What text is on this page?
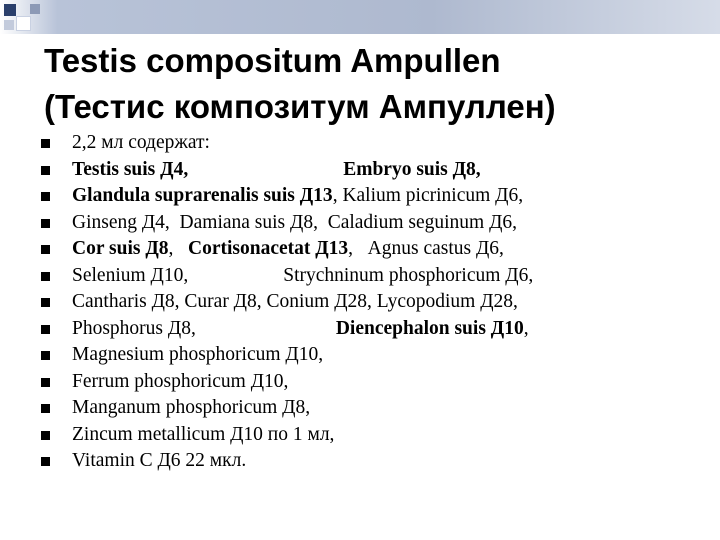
Testis compositum Ampullen
(Тестис композитум Ампуллен)
2,2 мл содержат:
Testis suis Д4,	Embryo suis Д8,
Glandula suprarenalis suis Д13, Kalium picrinicum Д6,
Ginseng Д4,  Damiana suis Д8,  Caladium seguinum Д6,
Cor suis Д8,   Cortisonacetat Д13,   Agnus castus Д6,
Selenium Д10,	Strychninum phosphoricum Д6,
Cantharis Д8, Curar Д8, Conium Д28, Lycopodium Д28,
Phosphorus Д8,	Diencephalon suis Д10,
Magnesium phosphoricum Д10,
Ferrum phosphoricum Д10,
Manganum phosphoricum Д8,
Zincum metallicum Д10 по 1 мл,
Vitamin C Д6 22 мкл.
